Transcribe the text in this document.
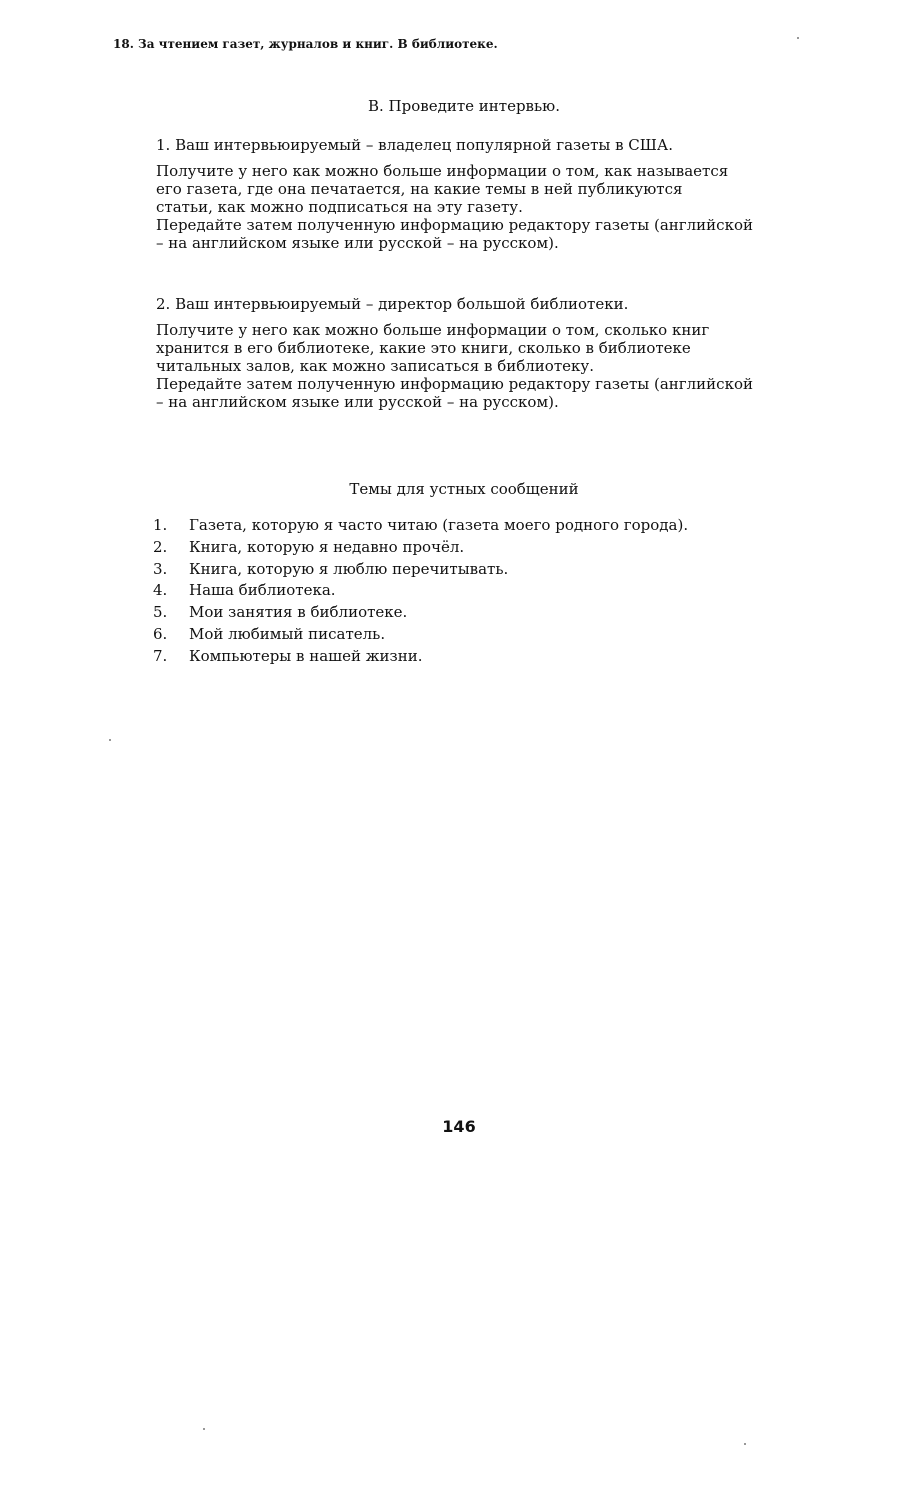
18. За чтением газет, журналов и книг. В библиотеке.
В. Проведите интервью.
1. Ваш интервьюируемый – владелец популярной газеты в США.
Получите у него как можно больше информации о том, как называется
его газета, где она печатается, на какие темы в ней публикуются
статьи, как можно подписаться на эту газету.
Передайте затем полученную информацию редактору газеты (английской
– на английском языке или русской – на русском).
2. Ваш интервьюируемый – директор большой библиотеки.
Получите у него как можно больше информации о том, сколько книг
хранится в его библиотеке, какие это книги, сколько в библиотеке
читальных залов, как можно записаться в библиотеку.
Передайте затем полученную информацию редактору газеты (английской
– на английском языке или русской – на русском).
Темы для устных сообщений
1.	Газета, которую я часто читаю (газета моего родного города).
2.	Книга, которую я недавно прочёл.
3.	Книга, которую я люблю перечитывать.
4.	Наша библиотека.
5.	Мои занятия в библиотеке.
6.	Мой любимый писатель.
7.	Компьютеры в нашей жизни.
146
